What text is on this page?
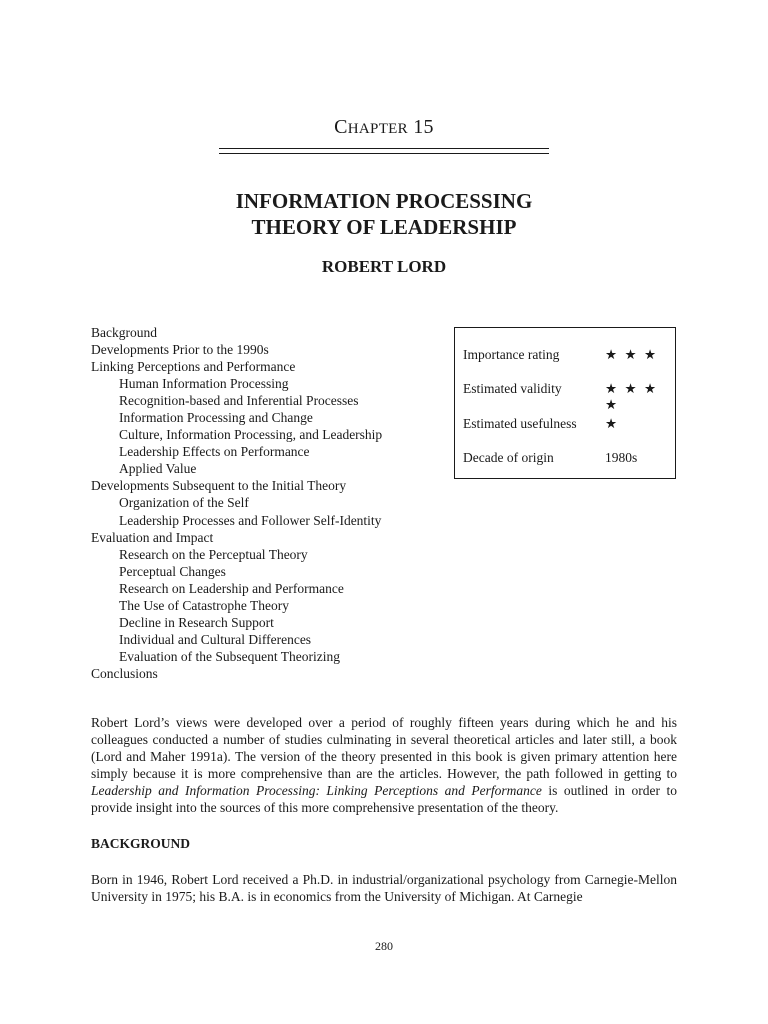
CHAPTER 15
INFORMATION PROCESSING
THEORY OF LEADERSHIP
ROBERT LORD
Background
Developments Prior to the 1990s
Linking Perceptions and Performance
Human Information Processing
Recognition-based and Inferential Processes
Information Processing and Change
Culture, Information Processing, and Leadership
Leadership Effects on Performance
Applied Value
Developments Subsequent to the Initial Theory
Organization of the Self
Leadership Processes and Follower Self-Identity
Evaluation and Impact
Research on the Perceptual Theory
Perceptual Changes
Research on Leadership and Performance
The Use of Catastrophe Theory
Decline in Research Support
Individual and Cultural Differences
Evaluation of the Subsequent Theorizing
Conclusions
Importance rating	★ ★ ★
Estimated validity	★ ★ ★ ★
Estimated usefulness ★
Decade of origin	1980s

Robert Lord’s views were developed over a period of roughly fifteen years during which he and his colleagues conducted a number of studies culminating in several theoretical articles and later still, a book (Lord and Maher 1991a). The version of the theory presented in this book is given primary attention here simply because it is more comprehensive than are the articles. However, the path followed in getting to Leadership and Information Processing: Linking Perceptions and Performance is outlined in order to provide insight into the sources of this more comprehensive presentation of the theory.

BACKGROUND

Born in 1946, Robert Lord received a Ph.D. in industrial/organizational psychology from Carnegie-Mellon University in 1975; his B.A. is in economics from the University of Michigan. At Carnegie

280
